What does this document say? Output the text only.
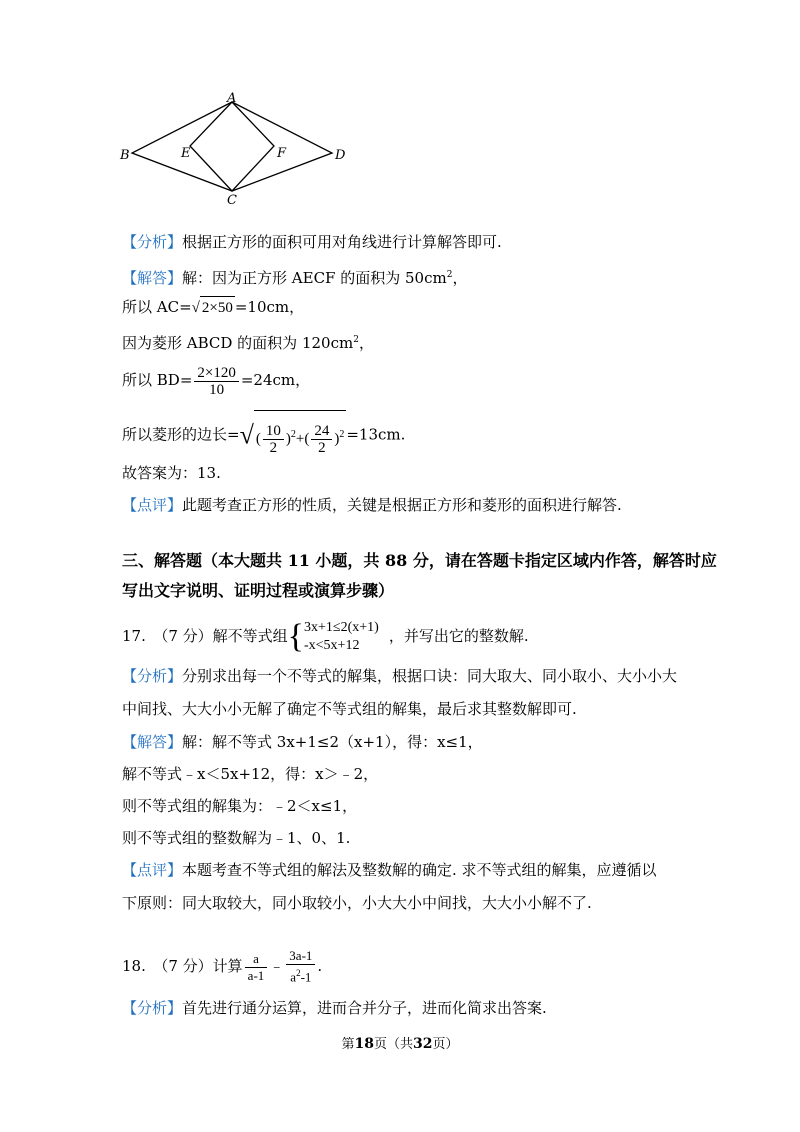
A
B	E	F	D
C
【分析】根据正方形的面积可用对角线进行计算解答即可.
【解答】解：因为正方形 AECF 的面积为 $50cm^2$，
所以 AC=√ 2×50 =10cm，
因为菱形 ABCD 的面积为 $120cm^2$，
所以 $BD= \frac{2\times 120}{10} =24cm$，
所以菱形的边长=√ ( $\frac{10}{2} )^2+( \frac{24}{2} )^2 =13cm$.
故答案为：13.
【点评】此题考查正方形的性质，关键是根据正方形和菱形的面积进行解答.
三、解答题（本大题共 11 小题，共 88 分，请在答题卡指定区域内作答，解答时应
写出文字说明、证明过程或演算步骤）
17.　（7 分）解不等式组{ 3x+1≤2(x+1)
-x<5x+12
，并写出它的整数解.
【分析】分别求出每一个不等式的解集，根据口诀：同大取大、同小取小、大小小大
中间找、大大小小无解了确定不等式组的解集，最后求其整数解即可.
【解答】解：解不等式 3x+1≤2（x+1），得：x≤1，
解不等式﹣x＜5x+12，得：x＞﹣2，
则不等式组的解集为：﹣2＜x≤1，
则不等式组的整数解为﹣1、0、1.
【点评】本题考查不等式组的解法及整数解的确定. 求不等式组的解集，应遵循以
下原则：同大取较大，同小取较小，小大大小中间找，大大小小解不了.
18.　（7 分）计算 $\frac{a}{a-1}$ ﹣ $\frac{3a-1}{a^2-1}$ .
【分析】首先进行通分运算，进而合并分子，进而化简求出答案.
第18页（共32页）
